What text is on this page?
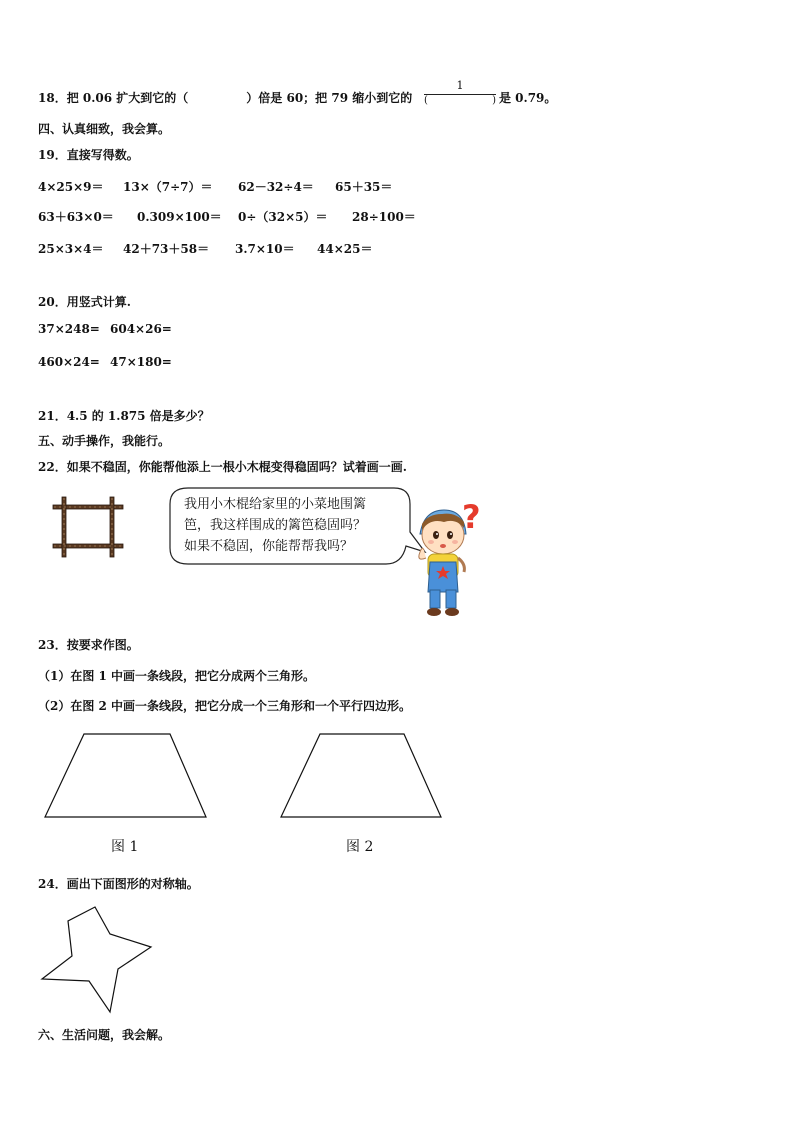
18．把 0.06 扩大到它的（	）倍是 60；把 79 缩小到它的
1
(	) 是 0.79。
四、认真细致，我会算。
19．直接写得数。
4×25×9＝ 13×（7÷7）＝ 62－32÷4＝ 65＋35＝
63＋63×0＝ 0.309×100＝ 0÷（32×5）＝ 28÷100＝
25×3×4＝ 42＋73＋58＝ 3.7×10＝ 44×25＝
20．用竖式计算.
37×248= 604×26=
460×24= 47×180=
21．4.5 的 1.875 倍是多少？
五、动手操作，我能行。
22．如果不稳固，你能帮他添上一根小木棍变得稳固吗？试着画一画.
我用小木棍给家里的小菜地围篱
笆，我这样围成的篱笆稳固吗？
如果不稳固，你能帮帮我吗？
?
23．按要求作图。
（1）在图 1 中画一条线段，把它分成两个三角形。
（2）在图 2 中画一条线段，把它分成一个三角形和一个平行四边形。
图 1	图 2
24．画出下面图形的对称轴。
六、生活问题，我会解。
